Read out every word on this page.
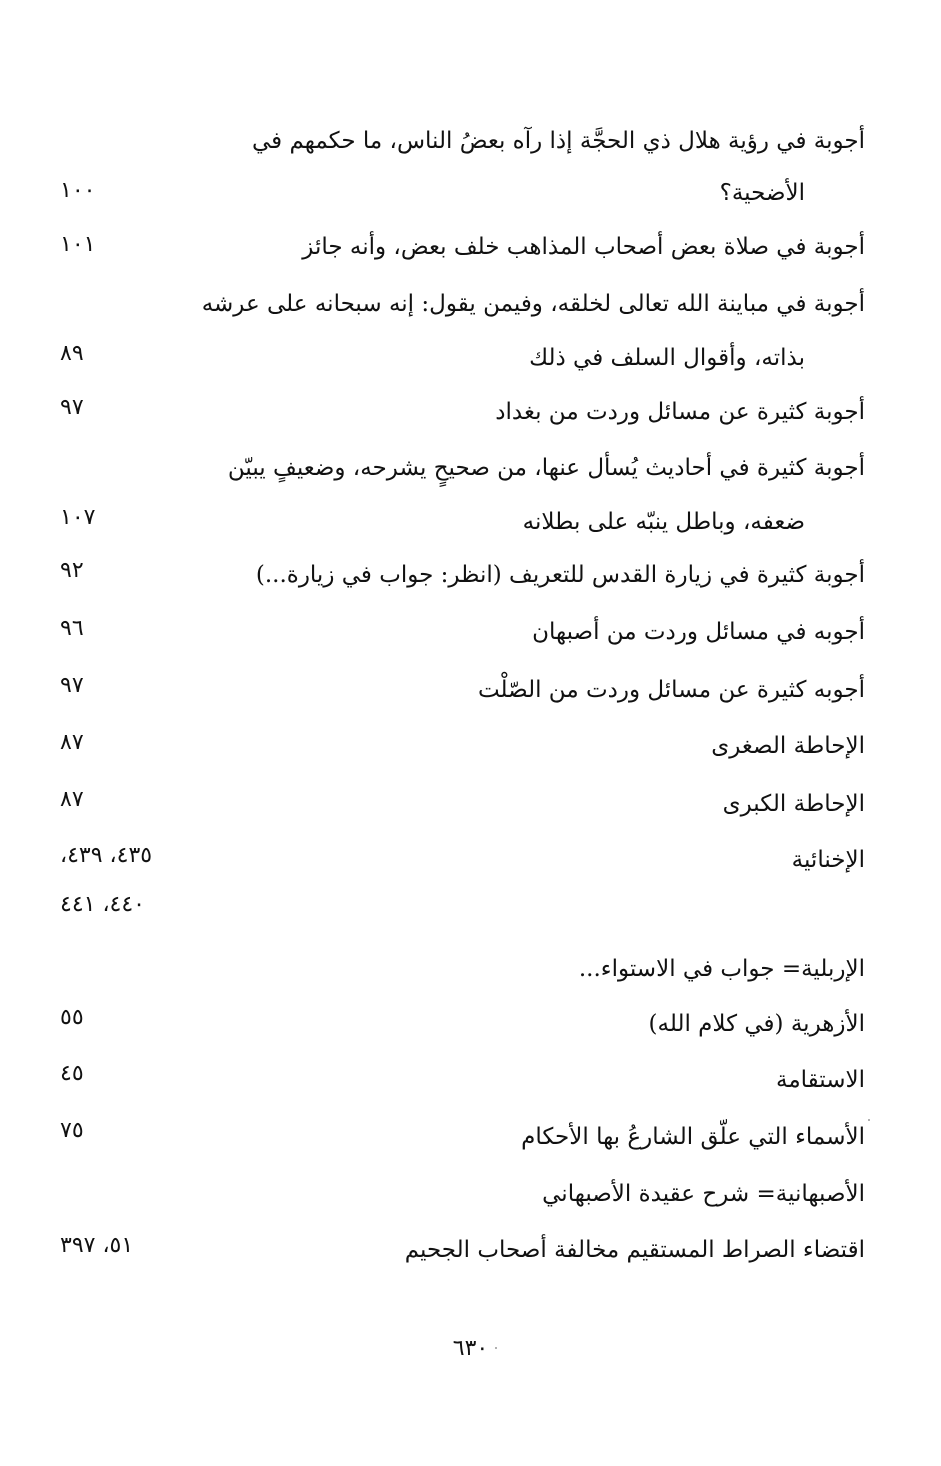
أجوبة في رؤية هلال ذي الحجَّة إذا رآه بعضُ الناس، ما حكمهم في
الأضحية؟
١٠٠
أجوبة في صلاة بعض أصحاب المذاهب خلف بعض، وأنه جائز
١٠١
أجوبة في مباينة الله تعالى لخلقه، وفيمن يقول: إنه سبحانه على عرشه
بذاته، وأقوال السلف في ذلك
٨٩
أجوبة كثيرة عن مسائل وردت من بغداد
٩٧
أجوبة كثيرة في أحاديث يُسأل عنها، من صحيحٍ يشرحه، وضعيفٍ يبيّن
ضعفه، وباطل ينبّه على بطلانه
١٠٧
أجوبة كثيرة في زيارة القدس للتعريف (انظر: جواب في زيارة...)
٩٢
أجوبه في مسائل وردت من أصبهان
٩٦
أجوبه كثيرة عن مسائل وردت من الصّلْت
٩٧
الإحاطة الصغرى
٨٧
الإحاطة الكبرى
٨٧
الإخنائية
٤٣٥، ٤٣٩،
٤٤٠، ٤٤١
الإربلية= جواب في الاستواء...
الأزهرية (في كلام الله)
٥٥
الاستقامة
٤٥
الأسماء التي علّق الشارعُ بها الأحكام
٧٥
الأصبهانية= شرح عقيدة الأصبهاني
اقتضاء الصراط المستقيم مخالفة أصحاب الجحيم
٥١، ٣٩٧
٦٣٠
